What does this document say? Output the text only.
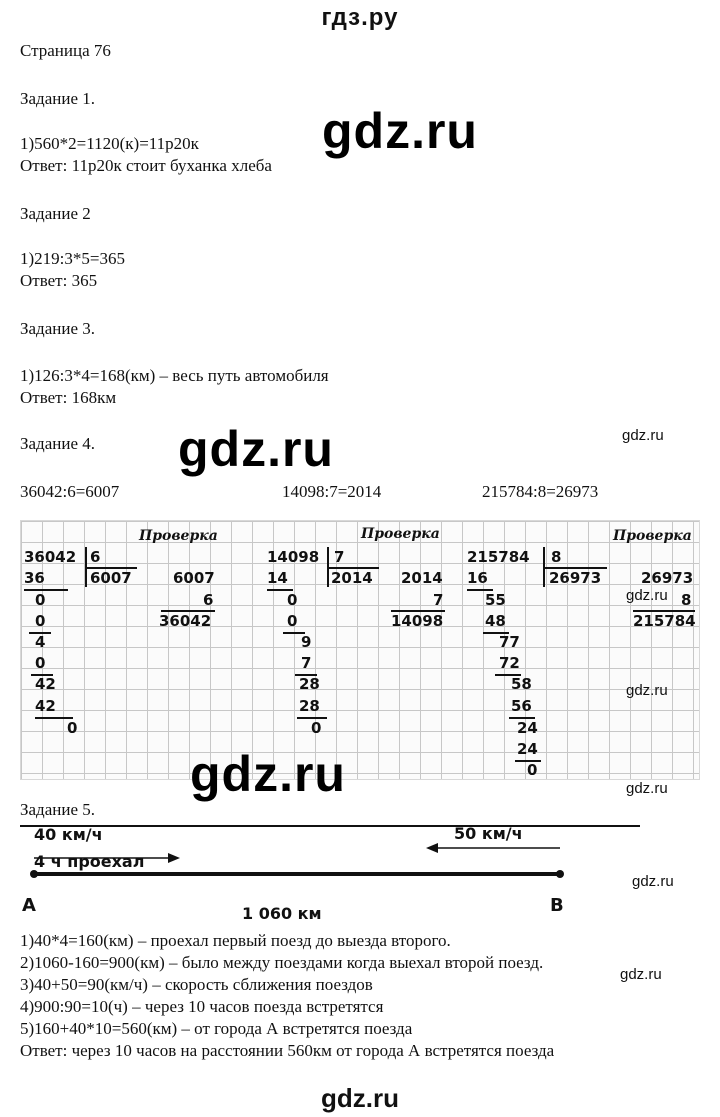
гдз.ру
Страница 76
Задание 1.
1)560*2=1120(к)=11р20к
Ответ: 11р20к стоит буханка хлеба
gdz.ru
Задание 2
1)219:3*5=365
Ответ: 365
Задание 3.
1)126:3*4=168(км) – весь путь автомобиля
Ответ: 168км
Задание 4. gdz.ru	gdz.ru
36042:6=6007	14098:7=2014	215784:8=26973
Проверка	Проверка	Проверка
36042 6
6007
36
0
0
4
0
42
42
0
6007
6
36042
14098 7
2014
14
0
0
9
7
28
28
0
2014
7
14098
215784 8
26973
16
55
48
77
72
58
56
24
24
0
26973
8
215784
gdz.ru
gdz.ru
gdz.ru	gdz.ru
Задание 5.
40 км/ч
4 ч проехал
50 км/ч
А	В
1 060 км
gdz.ru
1)40*4=160(км) – проехал первый поезд до выезда второго.
2)1060-160=900(км) – было между поездами когда выехал второй поезд.
3)40+50=90(км/ч) – скорость сближения поездов
4)900:90=10(ч) – через 10 часов поезда встретятся
5)160+40*10=560(км) – от города А встретятся поезда
Ответ: через 10 часов на расстоянии 560км от города А встретятся поезда
gdz.ru
gdz.ru
